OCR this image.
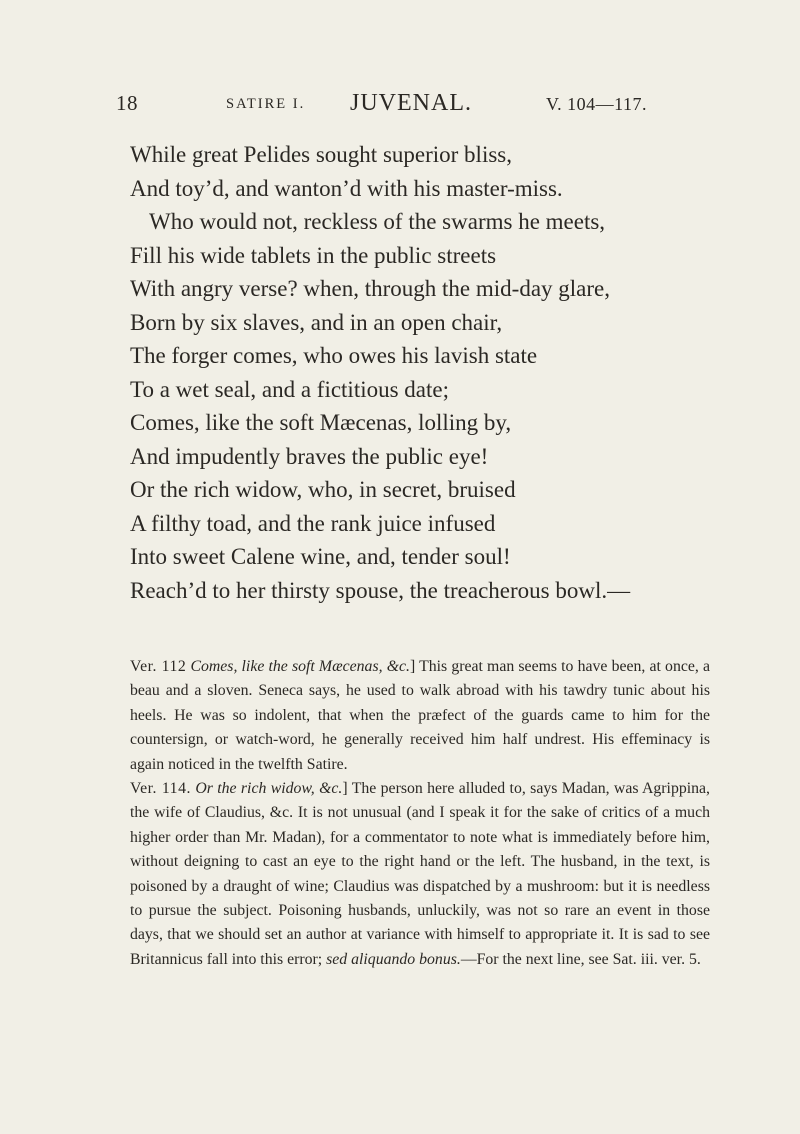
18	SATIRE I. JUVENAL.	V. 104—117.
While great Pelides sought superior bliss,
And toy’d, and wanton’d with his master-miss.
Who would not, reckless of the swarms he meets,
Fill his wide tablets in the public streets
With angry verse? when, through the mid-day glare,
Born by six slaves, and in an open chair,
The forger comes, who owes his lavish state
To a wet seal, and a fictitious date;
Comes, like the soft Mæcenas, lolling by,
And impudently braves the public eye!
Or the rich widow, who, in secret, bruised
A filthy toad, and the rank juice infused
Into sweet Calene wine, and, tender soul!
Reach’d to her thirsty spouse, the treacherous bowl.—

Ver. 112 Comes, like the soft Mæcenas, &c.] This great man seems to have been, at once, a beau and a sloven. Seneca says, he used to walk abroad with his tawdry tunic about his heels. He was so indolent, that when the præfect of the guards came to him for the countersign, or watch-word, he generally received him half undrest. His effeminacy is again noticed in the twelfth Satire.

Ver. 114. Or the rich widow, &c.] The person here alluded to, says Madan, was Agrippina, the wife of Claudius, &c. It is not unusual (and I speak it for the sake of critics of a much higher order than Mr. Madan), for a commentator to note what is immediately before him, without deigning to cast an eye to the right hand or the left. The husband, in the text, is poisoned by a draught of wine; Claudius was dispatched by a mushroom: but it is needless to pursue the subject. Poisoning husbands, unluckily, was not so rare an event in those days, that we should set an author at variance with himself to appropriate it. It is sad to see Britannicus fall into this error; sed aliquando bonus.—For the next line, see Sat. iii. ver. 5.
